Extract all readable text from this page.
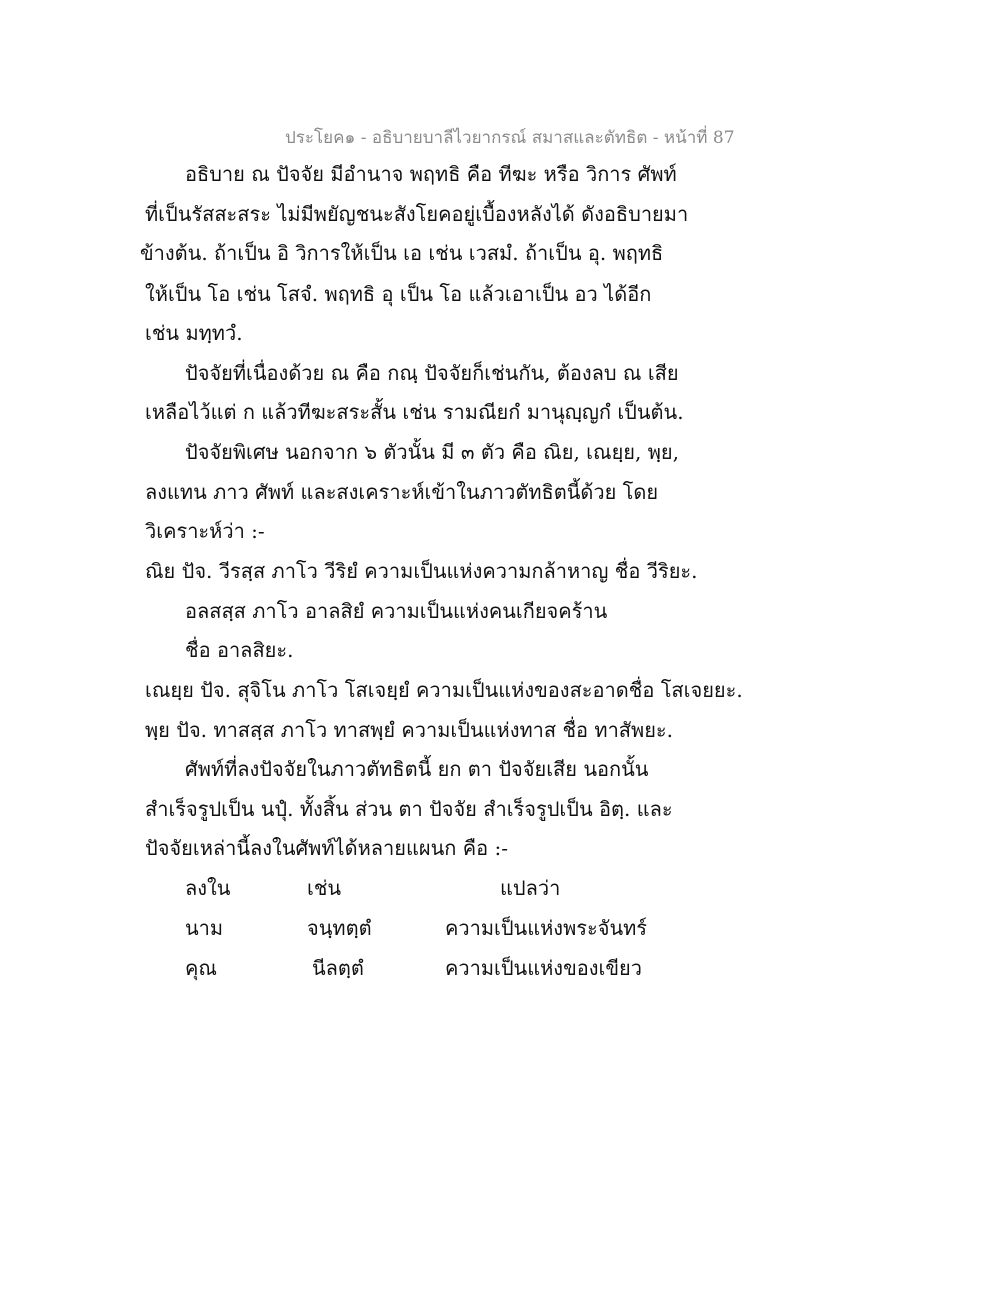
ประโยค๑ - อธิบายบาลีไวยากรณ์ สมาสและตัทธิต - หน้าที่ 87
อธิบาย ณ ปัจจัย มีอำนาจ พฤทธิ คือ ทีฆะ หรือ วิการ ศัพท์
ที่เป็นรัสสะสระ ไม่มีพยัญชนะสังโยคอยู่เบื้องหลังได้ ดังอธิบายมา
ข้างต้น. ถ้าเป็น อิ วิการให้เป็น เอ เช่น เวสมํ. ถ้าเป็น อุ. พฤทธิ
ให้เป็น โอ เช่น โสจํ. พฤทธิ อุ เป็น โอ แล้วเอาเป็น อว ได้อีก
เช่น มทฺทวํ.
ปัจจัยที่เนื่องด้วย ณ คือ กณฺ ปัจจัยก็เช่นกัน, ต้องลบ ณ เสีย
เหลือไว้แต่ ก แล้วทีฆะสระสั้น เช่น รามณียกํ มานุญฺญกํ เป็นต้น.
ปัจจัยพิเศษ นอกจาก ๖ ตัวนั้น มี ๓ ตัว คือ ณิย, เณยฺย, พฺย,
ลงแทน ภาว ศัพท์ และสงเคราะห์เข้าในภาวตัทธิตนี้ด้วย โดย
วิเคราะห์ว่า :-
ณิย ปัจ. วีรสฺส ภาโว วีริยํ ความเป็นแห่งความกล้าหาญ ชื่อ วีริยะ.
อลสสฺส ภาโว อาลสิยํ ความเป็นแห่งคนเกียจคร้าน
ชื่อ อาลสิยะ.
เณยฺย ปัจ. สุจิโน ภาโว โสเจยฺยํ ความเป็นแห่งของสะอาดชื่อ โสเจยยะ.
พฺย ปัจ. ทาสสฺส ภาโว ทาสพฺยํ ความเป็นแห่งทาส ชื่อ ทาสัพยะ.
ศัพท์ที่ลงปัจจัยในภาวตัทธิตนี้ ยก ตา ปัจจัยเสีย นอกนั้น
สำเร็จรูปเป็น นปุํ. ทั้งสิ้น ส่วน ตา ปัจจัย สำเร็จรูปเป็น อิตฺ. และ
ปัจจัยเหล่านี้ลงในศัพท์ได้หลายแผนก คือ :-
ลงใน	เช่น	แปลว่า
นาม	จนฺทตฺตํ	ความเป็นแห่งพระจันทร์
คุณ	นีลตฺตํ	ความเป็นแห่งของเขียว
